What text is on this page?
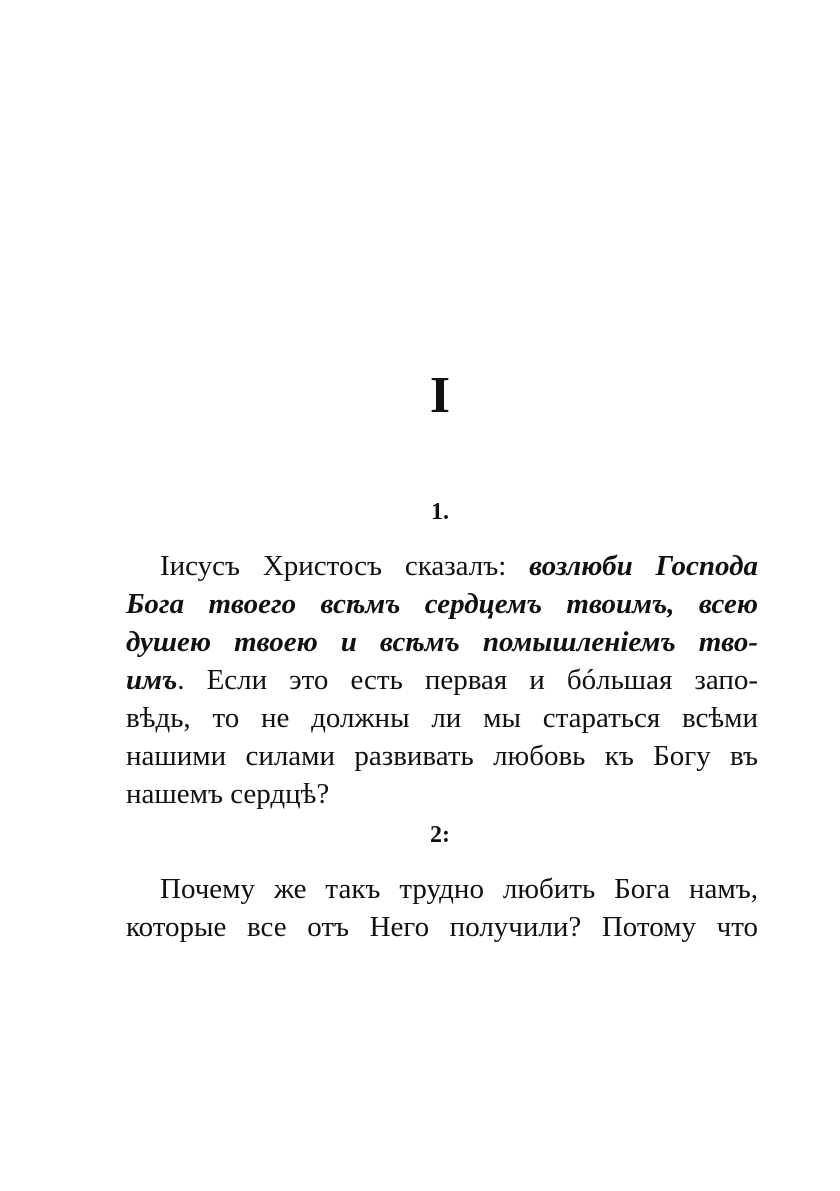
I
1.
Іисусъ Христосъ сказалъ: возлюби Господа
Бога твоего всѣмъ сердцемъ твоимъ, всею
душею твоею и всѣмъ помышленіемъ тво-
имъ. Если это есть первая и бóльшая запо-
вѣдь, то не должны ли мы стараться всѣми
нашими силами развивать любовь къ Богу въ
нашемъ сердцѣ?
2:
Почему же такъ трудно любить Бога намъ,
которые все отъ Него получили? Потому что
